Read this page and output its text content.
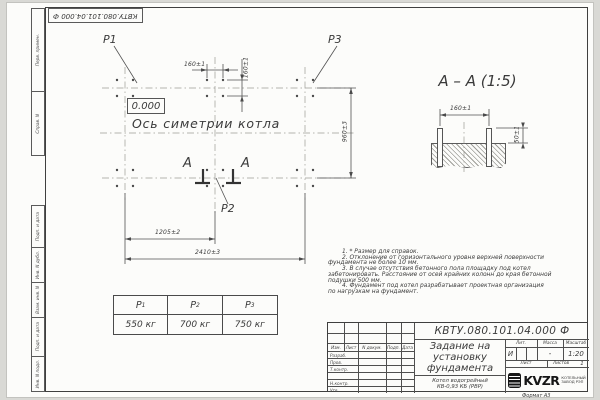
Перв. примен.
Справ. N
Подп. и дата
Инв. N дубл.
Взам. инв. N
Подп. и дата
Инв. N подл.
КВТУ.080.101.04.000 Ф
P1	P3
P2
0.000
Ось симетрии котла
А	А
160±1	160±1
960±3
1205±2
2410±3
А – А (1:5)
160±1
50±1
1. * Размер для справок.
2. Отклонение от горизонтального уровня верхней поверхности
фундамента не более 10 мм.
3. В случае отсутствия бетонного пола площадку под котел
забетонировать. Расстояние от осей крайних колонн до края бетонной
подушки 500 мм.
4. Фундамент под котел разрабатывает проектная организация
по нагрузкам на фундамент.
P 1	P 2	P 3
550 кг	700 кг	750 кг
КВТУ.080.101.04.000 Ф
Изм.	Лист	N докум.	Подп. Дата
Разраб.
Пров.
Т.контр.
Н.контр.
Утв.
Задание на установку фундамента
Котел водогрейный
КВ-0,93 КБ (РВР)
Лит.	Масса	Масштаб
И	-	1:20
Лист	Листов	1
KVZR КОТЕЛЬНЫЙ
ЗАВОД РЭП
Формат А3
